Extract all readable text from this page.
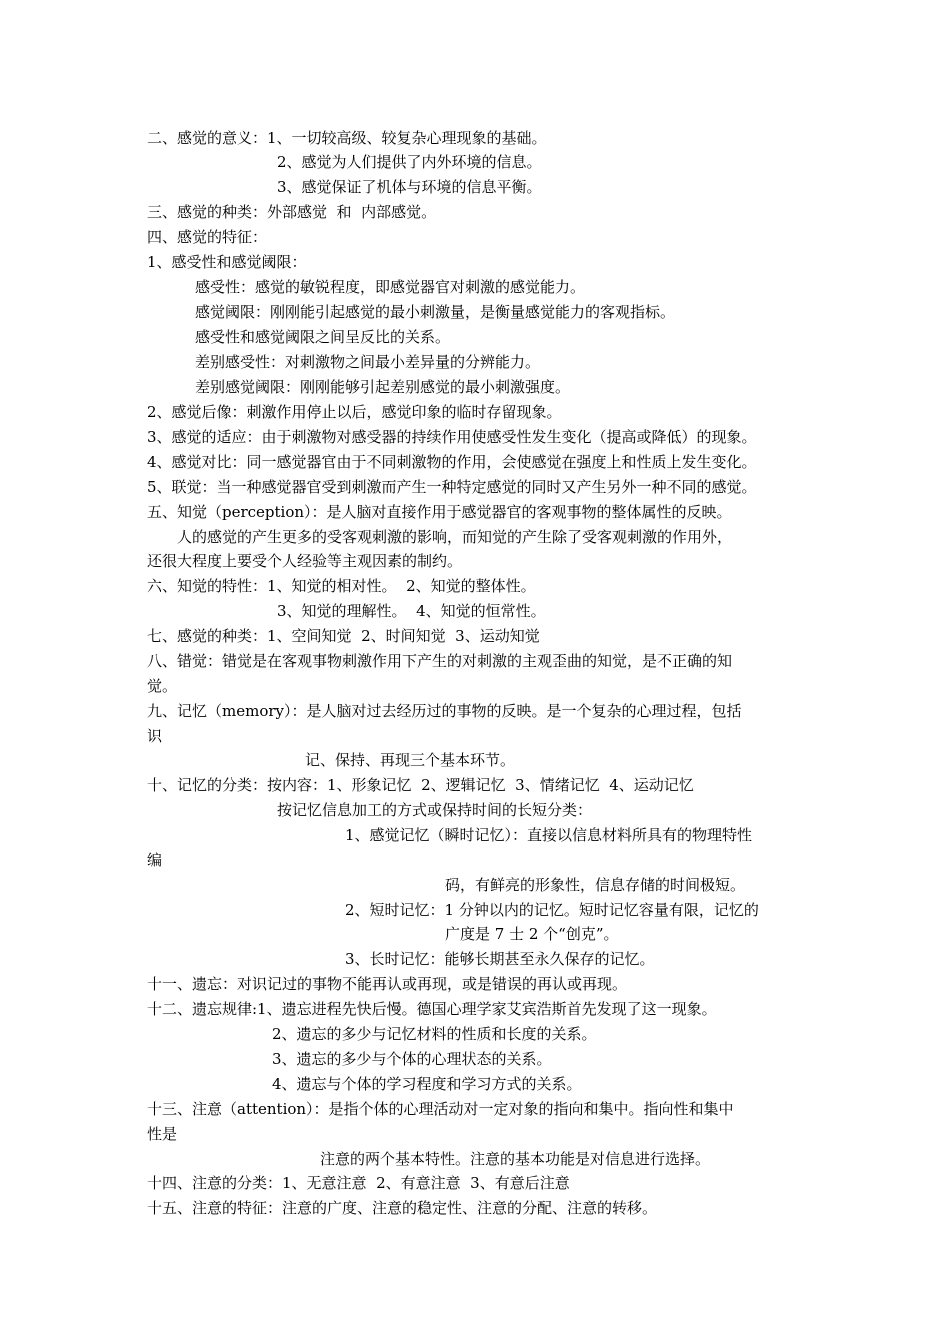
二、感觉的意义：1、一切较高级、较复杂心理现象的基础。
2、感觉为人们提供了内外环境的信息。
3、感觉保证了机体与环境的信息平衡。
三、感觉的种类：外部感觉  和  内部感觉。
四、感觉的特征：
1、感受性和感觉阈限：
感受性：感觉的敏锐程度，即感觉器官对刺激的感觉能力。
感觉阈限：刚刚能引起感觉的最小刺激量，是衡量感觉能力的客观指标。
感受性和感觉阈限之间呈反比的关系。
差别感受性：对刺激物之间最小差异量的分辨能力。
差别感觉阈限：刚刚能够引起差别感觉的最小刺激强度。
2、感觉后像：刺激作用停止以后，感觉印象的临时存留现象。
3、感觉的适应：由于刺激物对感受器的持续作用使感受性发生变化（提高或降低）的现象。
4、感觉对比：同一感觉器官由于不同刺激物的作用，会使感觉在强度上和性质上发生变化。
5、联觉：当一种感觉器官受到刺激而产生一种特定感觉的同时又产生另外一种不同的感觉。
五、知觉（perception）：是人脑对直接作用于感觉器官的客观事物的整体属性的反映。
人的感觉的产生更多的受客观刺激的影响，而知觉的产生除了受客观刺激的作用外，
还很大程度上要受个人经验等主观因素的制约。
六、知觉的特性：1、知觉的相对性。  2、知觉的整体性。
3、知觉的理解性。  4、知觉的恒常性。
七、感觉的种类：1、空间知觉  2、时间知觉  3、运动知觉
八、错觉：错觉是在客观事物刺激作用下产生的对刺激的主观歪曲的知觉，是不正确的知
觉。
九、记忆（memory）：是人脑对过去经历过的事物的反映。是一个复杂的心理过程，包括
识
记、保持、再现三个基本环节。
十、记忆的分类：按内容：1、形象记忆  2、逻辑记忆  3、情绪记忆  4、运动记忆
按记忆信息加工的方式或保持时间的长短分类：
1、感觉记忆（瞬时记忆）：直接以信息材料所具有的物理特性
编
码，有鲜亮的形象性，信息存储的时间极短。
2、短时记忆：1 分钟以内的记忆。短时记忆容量有限，记忆的
广度是 7 士 2 个“创克”。
3、长时记忆：能够长期甚至永久保存的记忆。
十一、遗忘：对识记过的事物不能再认或再现，或是错误的再认或再现。
十二、遗忘规律:1、遗忘进程先快后慢。德国心理学家艾宾浩斯首先发现了这一现象。
2、遗忘的多少与记忆材料的性质和长度的关系。
3、遗忘的多少与个体的心理状态的关系。
4、遗忘与个体的学习程度和学习方式的关系。
十三、注意（attention）：是指个体的心理活动对一定对象的指向和集中。指向性和集中
性是
注意的两个基本特性。注意的基本功能是对信息进行选择。
十四、注意的分类：1、无意注意  2、有意注意  3、有意后注意
十五、注意的特征：注意的广度、注意的稳定性、注意的分配、注意的转移。
